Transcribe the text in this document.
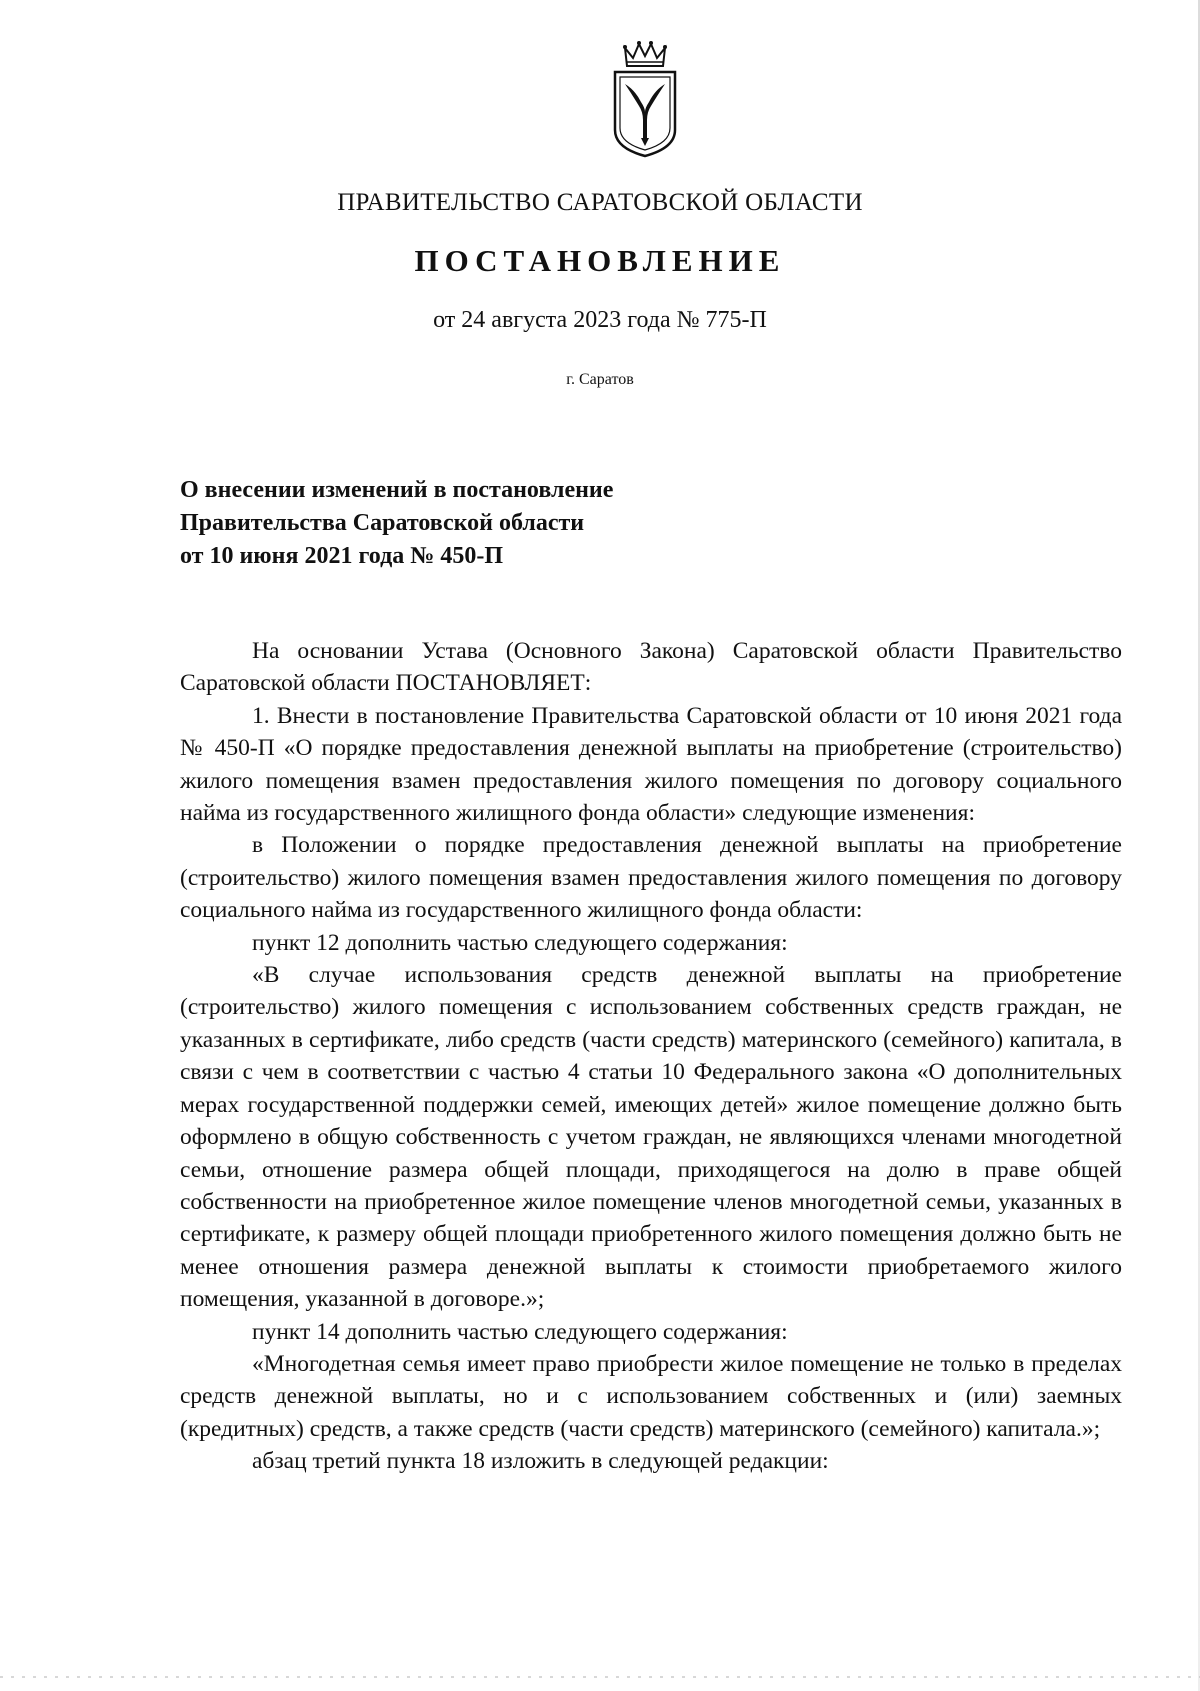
ПРАВИТЕЛЬСТВО САРАТОВСКОЙ ОБЛАСТИ
ПОСТАНОВЛЕНИЕ
от 24 августа 2023 года № 775-П
г. Саратов
О внесении изменений в постановление
Правительства Саратовской области
от 10 июня 2021 года № 450-П

На основании Устава (Основного Закона) Саратовской области Правительство Саратовской области ПОСТАНОВЛЯЕТ:

1. Внести в постановление Правительства Саратовской области от 10 июня 2021 года № 450-П «О порядке предоставления денежной выплаты на приобретение (строительство) жилого помещения взамен предоставления жилого помещения по договору социального найма из государственного жилищного фонда области» следующие изменения:

в Положении о порядке предоставления денежной выплаты на приобретение (строительство) жилого помещения взамен предоставления жилого помещения по договору социального найма из государственного жилищного фонда области:

пункт 12 дополнить частью следующего содержания:

«В случае использования средств денежной выплаты на приобретение (строительство) жилого помещения с использованием собственных средств граждан, не указанных в сертификате, либо средств (части средств) материнского (семейного) капитала, в связи с чем в соответствии с частью 4 статьи 10 Федерального закона «О дополнительных мерах государственной поддержки семей, имеющих детей» жилое помещение должно быть оформлено в общую собственность с учетом граждан, не являющихся членами многодетной семьи, отношение размера общей площади, приходящегося на долю в праве общей собственности на приобретенное жилое помещение членов многодетной семьи, указанных в сертификате, к размеру общей площади приобретенного жилого помещения должно быть не менее отношения размера денежной выплаты к стоимости приобретаемого жилого помещения, указанной в договоре.»;

пункт 14 дополнить частью следующего содержания:

«Многодетная семья имеет право приобрести жилое помещение не только в пределах средств денежной выплаты, но и с использованием собственных и (или) заемных (кредитных) средств, а также средств (части средств) материнского (семейного) капитала.»;

абзац третий пункта 18 изложить в следующей редакции:
